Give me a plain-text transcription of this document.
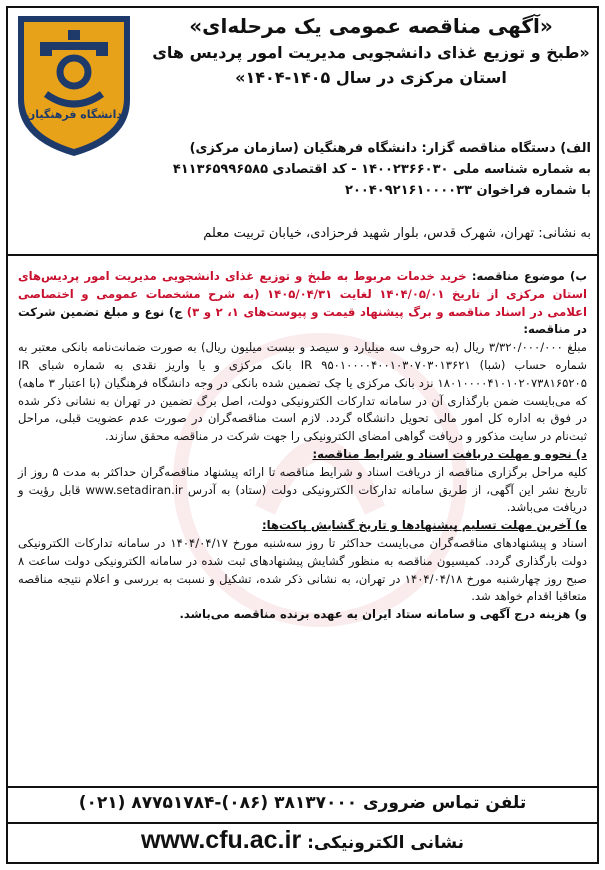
دانشگاه فرهنگیان
«آگهی مناقصه عمومی یک مرحله‌ای»
«طبخ و توزیع غذای دانشجویی مدیریت امور پردیس های
استان مرکزی در سال ۱۴۰۵-۱۴۰۴»
الف) دستگاه مناقصه گزار: دانشگاه فرهنگیان (سازمان مرکزی)
به شماره شناسه ملی ۱۴۰۰۲۳۶۶۰۳۰ - کد اقتصادی ۴۱۱۳۶۵۹۹۶۵۸۵
با شماره فراخوان ۲۰۰۴۰۹۲۱۶۱۰۰۰۰۳۳
به نشانی: تهران، شهرک قدس، بلوار شهید فرحزادی، خیابان تربیت معلم

ب) موضوع مناقصه: خرید خدمات مربوط به طبخ و توزیع غذای دانشجویی مدیریت امور پردیس‌های استان مرکزی از تاریخ ۱۴۰۴/۰۵/۰۱ لغایت ۱۴۰۵/۰۴/۳۱ (به شرح مشخصات عمومی و اختصاصی اعلامی در اسناد مناقصه و برگ پیشنهاد قیمت و پیوست‌های ۱، ۲ و ۳) ج) نوع و مبلغ تضمین شرکت در مناقصه:

مبلغ ۳/۳۲۰/۰۰۰/۰۰۰ ریال (به حروف سه میلیارد و سیصد و بیست میلیون ریال) به صورت ضمانت‌نامه بانکی معتبر به شماره حساب (شبا) IR ۹۵۰۱۰۰۰۰۴۰۰۱۰۳۰۷۰۳۰۱۳۶۲۱ بانک مرکزی و یا واریز نقدی به شماره شبای IR ۱۸۰۱۰۰۰۰۴۱۰۱۰۲۰۷۳۸۱۶۵۲۰۵ نزد بانک مرکزی یا چک تضمین شده بانکی در وجه دانشگاه فرهنگیان (با اعتبار ۳ ماهه) که می‌بایست ضمن بارگذاری آن در سامانه تدارکات الکترونیکی دولت، اصل برگ تضمین در تهران به نشانی ذکر شده در فوق به اداره کل امور مالی تحویل دانشگاه گردد. لازم است مناقصه‌گران در صورت عدم عضویت قبلی، مراحل ثبت‌نام در سایت مذکور و دریافت گواهی امضای الکترونیکی را جهت شرکت در مناقصه محقق سازند.

د) نحوه و مهلت دریافت اسناد و شرایط مناقصه:

کلیه مراحل برگزاری مناقصه از دریافت اسناد و شرایط مناقصه تا ارائه پیشنهاد مناقصه‌گران حداکثر به مدت ۵ روز از تاریخ نشر این آگهی، از طریق سامانه تدارکات الکترونیکی دولت (ستاد) به آدرس www.setadiran.ir قابل رؤیت و دریافت می‌باشد.

ه) آخرین مهلت تسلیم پیشنهادها و تاریخ گشایش پاکت‌ها:

اسناد و پیشنهادهای مناقصه‌گران می‌بایست حداکثر تا روز سه‌شنبه مورخ ۱۴۰۴/۰۴/۱۷ در سامانه تدارکات الکترونیکی دولت بارگذاری گردد. کمیسیون مناقصه به منظور گشایش پیشنهادهای ثبت شده در سامانه الکترونیکی دولت ساعت ۸ صبح روز چهارشنبه مورخ ۱۴۰۴/۰۴/۱۸ در تهران، به نشانی ذکر شده، تشکیل و نسبت به بررسی و اعلام نتیجه مناقصه متعاقبا اقدام خواهد شد.

و) هزینه درج آگهی و سامانه ستاد ایران به عهده برنده مناقصه می‌باشد.

تلفن تماس ضروری ۳۸۱۳۷۰۰۰ (۰۸۶)-۸۷۷۵۱۷۸۴ (۰۲۱)
نشانی الکترونیکی: www.cfu.ac.ir
